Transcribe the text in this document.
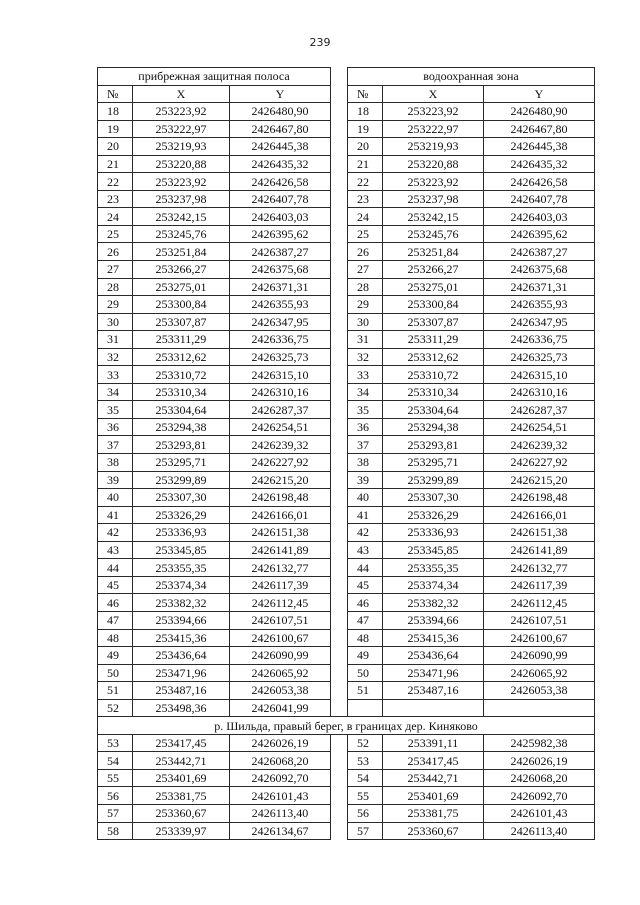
239
прибрежная защитная полоса				водоохранная зона		
№	X	Y		№	X	Y
18	253223,92	2426480,90		18	253223,92	2426480,90
19	253222,97	2426467,80		19	253222,97	2426467,80
20	253219,93	2426445,38		20	253219,93	2426445,38
21	253220,88	2426435,32		21	253220,88	2426435,32
22	253223,92	2426426,58		22	253223,92	2426426,58
23	253237,98	2426407,78		23	253237,98	2426407,78
24	253242,15	2426403,03		24	253242,15	2426403,03
25	253245,76	2426395,62		25	253245,76	2426395,62
26	253251,84	2426387,27		26	253251,84	2426387,27
27	253266,27	2426375,68		27	253266,27	2426375,68
28	253275,01	2426371,31		28	253275,01	2426371,31
29	253300,84	2426355,93		29	253300,84	2426355,93
30	253307,87	2426347,95		30	253307,87	2426347,95
31	253311,29	2426336,75		31	253311,29	2426336,75
32	253312,62	2426325,73		32	253312,62	2426325,73
33	253310,72	2426315,10		33	253310,72	2426315,10
34	253310,34	2426310,16		34	253310,34	2426310,16
35	253304,64	2426287,37		35	253304,64	2426287,37
36	253294,38	2426254,51		36	253294,38	2426254,51
37	253293,81	2426239,32		37	253293,81	2426239,32
38	253295,71	2426227,92		38	253295,71	2426227,92
39	253299,89	2426215,20		39	253299,89	2426215,20
40	253307,30	2426198,48		40	253307,30	2426198,48
41	253326,29	2426166,01		41	253326,29	2426166,01
42	253336,93	2426151,38		42	253336,93	2426151,38
43	253345,85	2426141,89		43	253345,85	2426141,89
44	253355,35	2426132,77		44	253355,35	2426132,77
45	253374,34	2426117,39		45	253374,34	2426117,39
46	253382,32	2426112,45		46	253382,32	2426112,45
47	253394,66	2426107,51		47	253394,66	2426107,51
48	253415,36	2426100,67		48	253415,36	2426100,67
49	253436,64	2426090,99		49	253436,64	2426090,99
50	253471,96	2426065,92		50	253471,96	2426065,92
51	253487,16	2426053,38		51	253487,16	2426053,38
52	253498,36	2426041,99				
р. Шильда, правый берег, в границах дер. Киняково						
53	253417,45	2426026,19		52	253391,11	2425982,38
54	253442,71	2426068,20		53	253417,45	2426026,19
55	253401,69	2426092,70		54	253442,71	2426068,20
56	253381,75	2426101,43		55	253401,69	2426092,70
57	253360,67	2426113,40		56	253381,75	2426101,43
58	253339,97	2426134,67		57	253360,67	2426113,40
